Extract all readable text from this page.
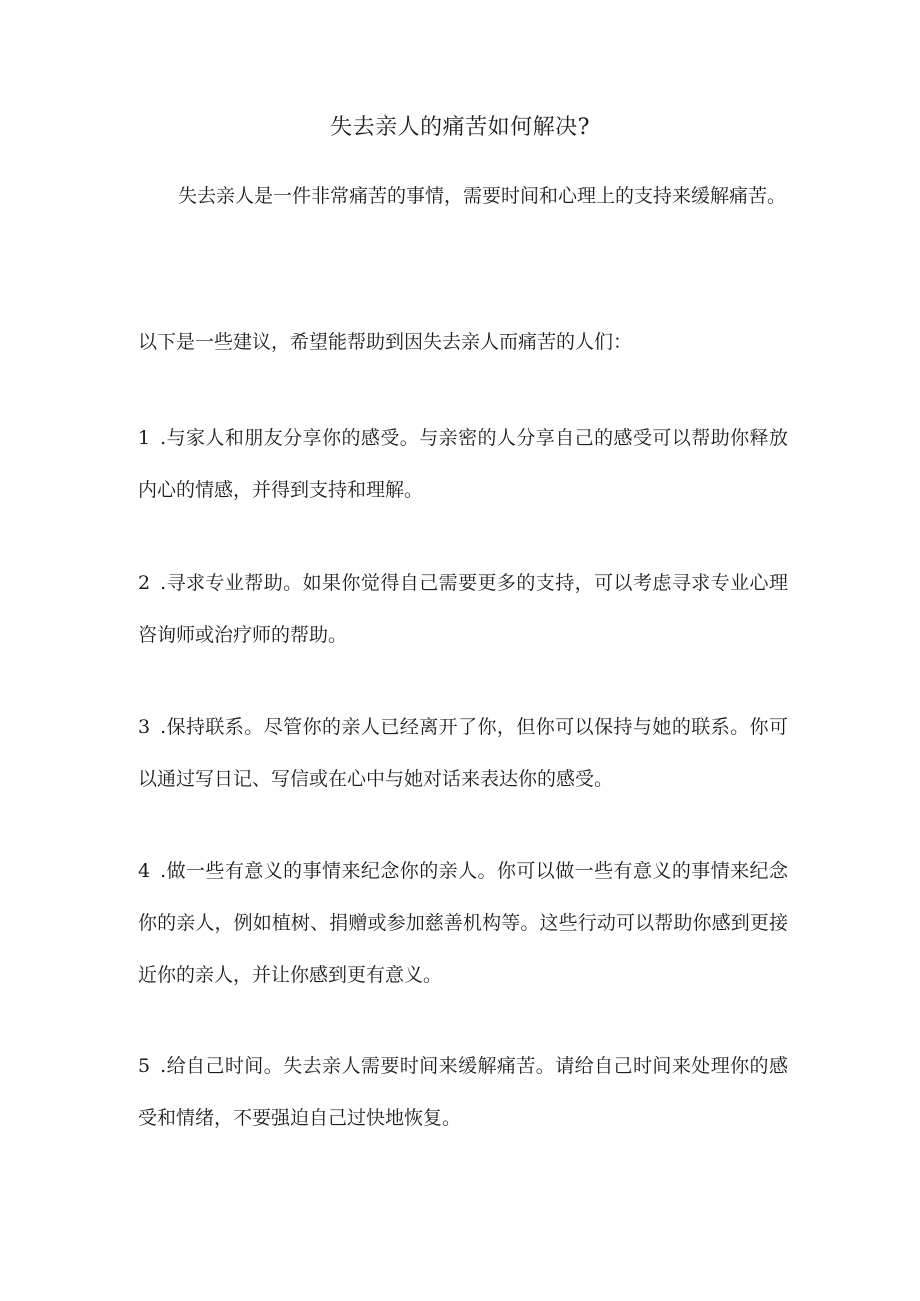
失去亲人的痛苦如何解决?

失去亲人是一件非常痛苦的事情，需要时间和心理上的支持来缓解痛苦。

以下是一些建议，希望能帮助到因失去亲人而痛苦的人们：

1 .与家人和朋友分享你的感受。与亲密的人分享自己的感受可以帮助你释放内心的情感，并得到支持和理解。

2 .寻求专业帮助。如果你觉得自己需要更多的支持，可以考虑寻求专业心理咨询师或治疗师的帮助。

3 .保持联系。尽管你的亲人已经离开了你，但你可以保持与她的联系。你可以通过写日记、写信或在心中与她对话来表达你的感受。

4 .做一些有意义的事情来纪念你的亲人。你可以做一些有意义的事情来纪念你的亲人，例如植树、捐赠或参加慈善机构等。这些行动可以帮助你感到更接近你的亲人，并让你感到更有意义。

5 .给自己时间。失去亲人需要时间来缓解痛苦。请给自己时间来处理你的感受和情绪，不要强迫自己过快地恢复。
